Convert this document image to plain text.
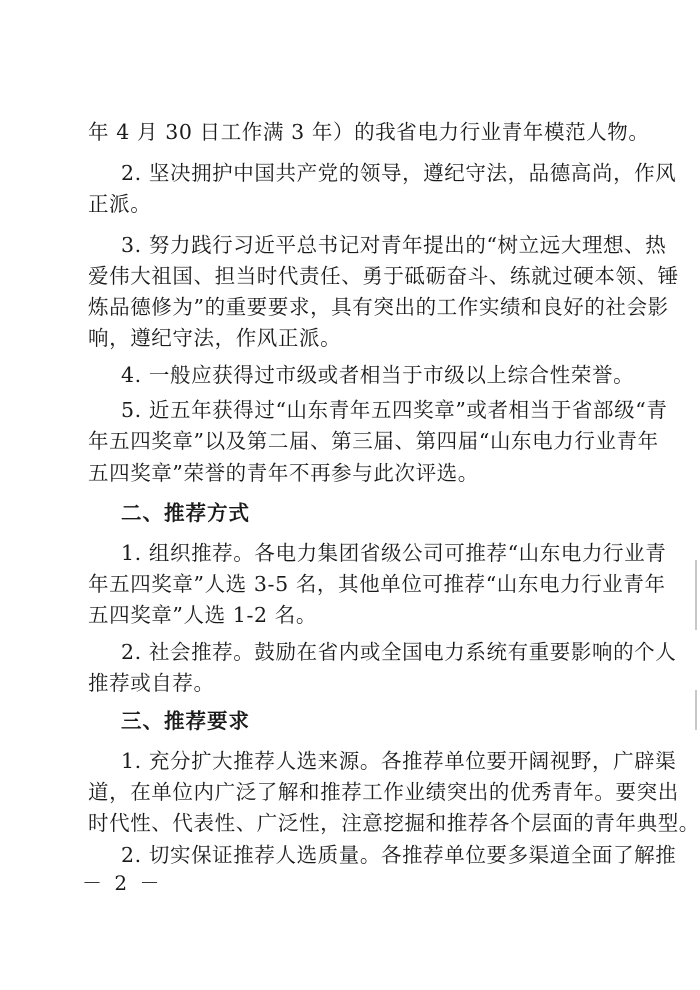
年 4 月 30 日工作满 3 年）的我省电力行业青年模范人物。
2. 坚决拥护中国共产党的领导，遵纪守法，品德高尚，作风
正派。
3. 努力践行习近平总书记对青年提出的“树立远大理想、热
爱伟大祖国、担当时代责任、勇于砥砺奋斗、练就过硬本领、锤
炼品德修为”的重要要求，具有突出的工作实绩和良好的社会影
响，遵纪守法，作风正派。
4. 一般应获得过市级或者相当于市级以上综合性荣誉。
5. 近五年获得过“山东青年五四奖章”或者相当于省部级“青
年五四奖章”以及第二届、第三届、第四届“山东电力行业青年
五四奖章”荣誉的青年不再参与此次评选。
二、推荐方式
1. 组织推荐。各电力集团省级公司可推荐“山东电力行业青
年五四奖章”人选 3-5 名，其他单位可推荐“山东电力行业青年
五四奖章”人选 1-2 名。
2. 社会推荐。鼓励在省内或全国电力系统有重要影响的个人
推荐或自荐。
三、推荐要求
1. 充分扩大推荐人选来源。各推荐单位要开阔视野，广辟渠
道，在单位内广泛了解和推荐工作业绩突出的优秀青年。要突出
时代性、代表性、广泛性，注意挖掘和推荐各个层面的青年典型。
2. 切实保证推荐人选质量。各推荐单位要多渠道全面了解推
－ 2 －
